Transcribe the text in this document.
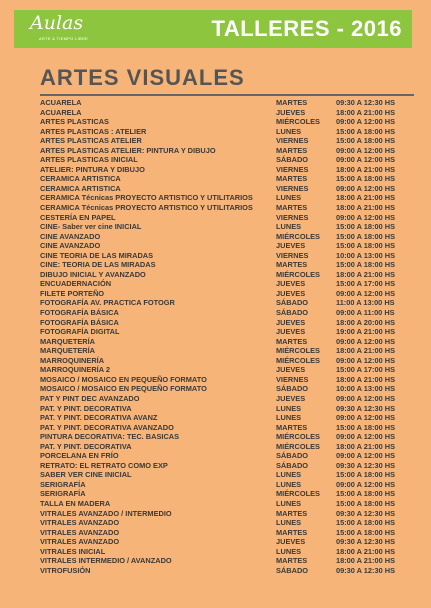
Aulas
ARTE & TIEMPO LIBRE	TALLERES - 2016
ARTES VISUALES
ACUARELA	MARTES	09:30 A 12:30 HS
ACUARELA	JUEVES	18:00 A 21:00 HS
ARTES PLASTICAS	MIÉRCOLES 09:00 A 12:00 HS
ARTES PLASTICAS : ATELIER	LUNES	15:00 A 18:00 HS
ARTES PLASTICAS ATELIER	VIERNES	15:00 A 18:00 HS
ARTES PLASTICAS ATELIER: PINTURA Y DIBUJO	MARTES	09:00 A 12:00 HS
ARTES PLASTICAS INICIAL	SÁBADO	09:00 A 12:00 HS
ATELIER: PINTURA Y DIBUJO	VIERNES	18:00 A 21:00 HS
CERAMICA ARTISTICA	MARTES	15:00 A 18:00 HS
CERAMICA ARTISTICA	VIERNES	09:00 A 12:00 HS
CERAMICA Técnicas PROYECTO ARTISTICO Y UTILITARIOS	LUNES	18:00 A 21:00 HS
CERAMICA Técnicas PROYECTO ARTISTICO Y UTILITARIOS	MARTES	18:00 A 21:00 HS
CESTERÍA EN PAPEL	VIERNES	09:00 A 12:00 HS
CINE- Saber ver cine INICIAL	LUNES	15:00 A 18:00 HS
CINE AVANZADO	MIÉRCOLES 15:00 A 18:00 HS
CINE AVANZADO	JUEVES	15:00 A 18:00 HS
CINE TEORIA DE LAS MIRADAS	VIERNES	10:00 A 13:00 HS
CINE: TEORIA DE LAS MIRADAS	MARTES	15:00 A 18:00 HS
DIBUJO INICIAL Y AVANZADO	MIÉRCOLES 18:00 A 21:00 HS
ENCUADERNACIÓN	JUEVES	15:00 A 17:00 HS
FILETE PORTEÑO	JUEVES	09:00 A 12:00 HS
FOTOGRAFÍA AV. PRACTICA FOTOGR	SÁBADO	11:00 A 13:00 HS
FOTOGRAFÍA BÁSICA	SÁBADO	09:00 A 11:00 HS
FOTOGRAFÍA BÁSICA	JUEVES	18:00 A 20:00 HS
FOTOGRAFÍA DIGITAL	JUEVES	19:00 A 21:00 HS
MARQUETERÍA	MARTES	09:00 A 12:00 HS
MARQUETERÍA	MIÉRCOLES 18:00 A 21:00 HS
MARROQUINERÍA	MIÉRCOLES 09:00 A 12:00 HS
MARROQUINERÍA 2	JUEVES	15:00 A 17:00 HS
MOSAICO / MOSAICO EN PEQUEÑO FORMATO	VIERNES	18:00 A 21:00 HS
MOSAICO / MOSAICO EN PEQUEÑO FORMATO	SÁBADO	10:00 A 13:00 HS
PAT Y PINT DEC AVANZADO	JUEVES	09:00 A 12:00 HS
PAT. Y PINT. DECORATIVA	LUNES	09:30 A 12:30 HS
PAT. Y PINT. DECORATIVA AVANZ	LUNES	09:00 A 12:00 HS
PAT. Y PINT. DECORATIVA AVANZADO	MARTES	15:00 A 18:00 HS
PINTURA DECORATIVA: TEC. BASICAS	MIÉRCOLES 09:00 A 12:00 HS
PAT. Y PINT. DECORATIVA	MIÉRCOLES 18:00 A 21:00 HS
PORCELANA EN FRÍO	SÁBADO	09:00 A 12:00 HS
RETRATO: EL RETRATO COMO EXP	SÁBADO	09:30 A 12:30 HS
SABER VER CINE INICIAL	LUNES	15:00 A 18:00 HS
SERIGRAFÍA	LUNES	09:00 A 12:00 HS
SERIGRAFÍA	MIÉRCOLES 15:00 A 18:00 HS
TALLA EN MADERA	LUNES	15:00 A 18:00 HS
VITRALES AVANZADO / INTERMEDIO	MARTES	09:30 A 12:30 HS
VITRALES AVANZADO	LUNES	15:00 A 18:00 HS
VITRALES AVANZADO	MARTES	15:00 A 18:00 HS
VITRALES AVANZADO	JUEVES	09:30 A 12:30 HS
VITRALES INICIAL	LUNES	18:00 A 21:00 HS
VITRALES INTERMEDIO / AVANZADO	MARTES	18:00 A 21:00 HS
VITROFUSIÓN	SÁBADO	09:30 A 12:30 HS
